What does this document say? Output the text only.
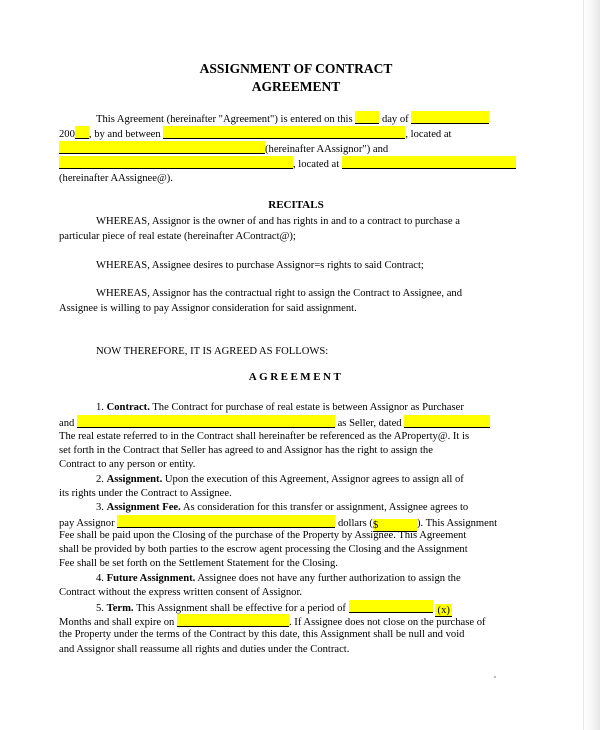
ASSIGNMENT OF CONTRACT
AGREEMENT
This Agreement (hereinafter "Agreement") is entered on this	day of
200 , by and between	, located at
(hereinafter AAssignor") and
, located at
(hereinafter AAssignee@).
RECITALS
WHEREAS, Assignor is the owner of and has rights in and to a contract to purchase a
particular piece of real estate (hereinafter AContract@);
WHEREAS, Assignee desires to purchase Assignor=s rights to said Contract;
WHEREAS, Assignor has the contractual right to assign the Contract to Assignee, and
Assignee is willing to pay Assignor consideration for said assignment.
NOW THEREFORE, IT IS AGREED AS FOLLOWS:
AGREEMENT
1. Contract. The Contract for purchase of real estate is between Assignor as Purchaser
and	as Seller, dated
The real estate referred to in the Contract shall hereinafter be referenced as the AProperty@. It is
set forth in the Contract that Seller has agreed to and Assignor has the right to assign the
Contract to any person or entity.
2. Assignment. Upon the execution of this Agreement, Assignor agrees to assign all of
its rights under the Contract to Assignee.
3. Assignment Fee. As consideration for this transfer or assignment, Assignee agrees to
pay Assignor	dollars ($	). This Assignment
Fee shall be paid upon the Closing of the purchase of the Property by Assignee. This Agreement
shall be provided by both parties to the escrow agent processing the Closing and the Assignment
Fee shall be set forth on the Settlement Statement for the Closing.
4. Future Assignment. Assignee does not have any further authorization to assign the
Contract without the express written consent of Assignor.
5. Term. This Assignment shall be effective for a period of	(x)
Months and shall expire on	. If Assignee does not close on the purchase of
the Property under the terms of the Contract by this date, this Assignment shall be null and void
and Assignor shall reassume all rights and duties under the Contract.
